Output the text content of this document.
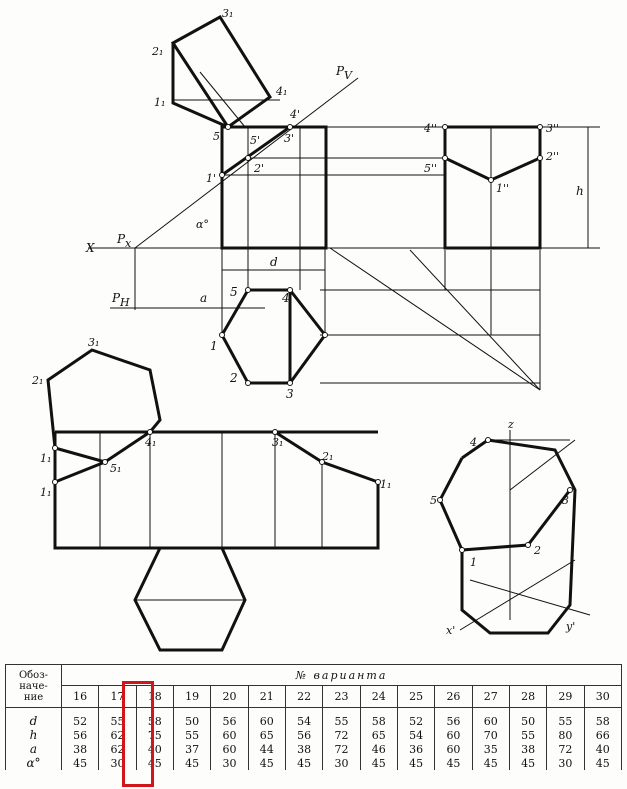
3₁
2₁
1₁
4₁
5₁
P V
X
P x
P H
α°
d
a
h
1'
2'
3'
4'
5'
4''	3''
5''
2''
1''
1
2
3
4
5
3₁
2₁
1₁
1₁
4₁
5₁
3₁
2₁
1₁
z
x'	y'
1
2
3
4
5
Обоз-
наче-
ние	№ варианта														
	16	17	18	19	20	21	22	23	24	25	26	27	28	29	30
d	52	55	58	50	56	60	54	55	58	52	56	60	50	55	58
h	56	62	75	55	60	65	56	72	65	54	60	70	55	80	66
a	38	62	40	37	60	44	38	72	46	36	60	35	38	72	40
α°	45	30	45	45	30	45	45	30	45	45	45	45	45	30	45
